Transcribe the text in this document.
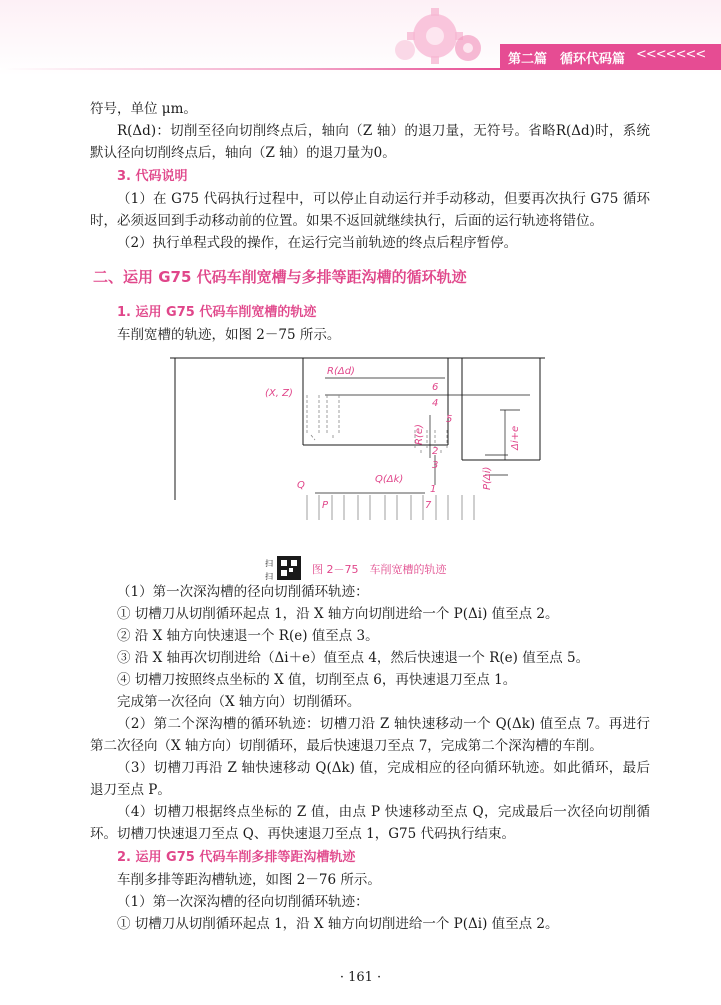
第二篇　循环代码篇 <<<<<<<

符号，单位 μm。

R(Δd)：切削至径向切削终点后，轴向（Z 轴）的退刀量，无符号。省略R(Δd)时，系统默认径向切削终点后，轴向（Z 轴）的退刀量为0。

3. 代码说明

（1）在 G75 代码执行过程中，可以停止自动运行并手动移动，但要再次执行 G75 循环时，必须返回到手动移动前的位置。如果不返回就继续执行，后面的运行轨迹将错位。

（2）执行单程式段的操作，在运行完当前轨迹的终点后程序暂停。

二、运用 G75 代码车削宽槽与多排等距沟槽的循环轨迹

1. 运用 G75 代码车削宽槽的轨迹

车削宽槽的轨迹，如图 2－75 所示。

R(Δd)
(X, Z)
6
4
5
R(e)	Δi+e
2
3
1	P(Δi)
Q(Δk)
Q
P	7
扫
扫
图 2－75　车削宽槽的轨迹

（1）第一次深沟槽的径向切削循环轨迹：

① 切槽刀从切削循环起点 1，沿 X 轴方向切削进给一个 P(Δi) 值至点 2。

② 沿 X 轴方向快速退一个 R(e) 值至点 3。

③ 沿 X 轴再次切削进给（Δi＋e）值至点 4，然后快速退一个 R(e) 值至点 5。

④ 切槽刀按照终点坐标的 X 值，切削至点 6，再快速退刀至点 1。

完成第一次径向（X 轴方向）切削循环。

（2）第二个深沟槽的循环轨迹：切槽刀沿 Z 轴快速移动一个 Q(Δk) 值至点 7。再进行第二次径向（X 轴方向）切削循环，最后快速退刀至点 7，完成第二个深沟槽的车削。

（3）切槽刀再沿 Z 轴快速移动 Q(Δk) 值，完成相应的径向循环轨迹。如此循环，最后退刀至点 P。

（4）切槽刀根据终点坐标的 Z 值，由点 P 快速移动至点 Q，完成最后一次径向切削循环。切槽刀快速退刀至点 Q、再快速退刀至点 1，G75 代码执行结束。

2. 运用 G75 代码车削多排等距沟槽轨迹

车削多排等距沟槽轨迹，如图 2－76 所示。

（1）第一次深沟槽的径向切削循环轨迹：

① 切槽刀从切削循环起点 1，沿 X 轴方向切削进给一个 P(Δi) 值至点 2。

· 161 ·
